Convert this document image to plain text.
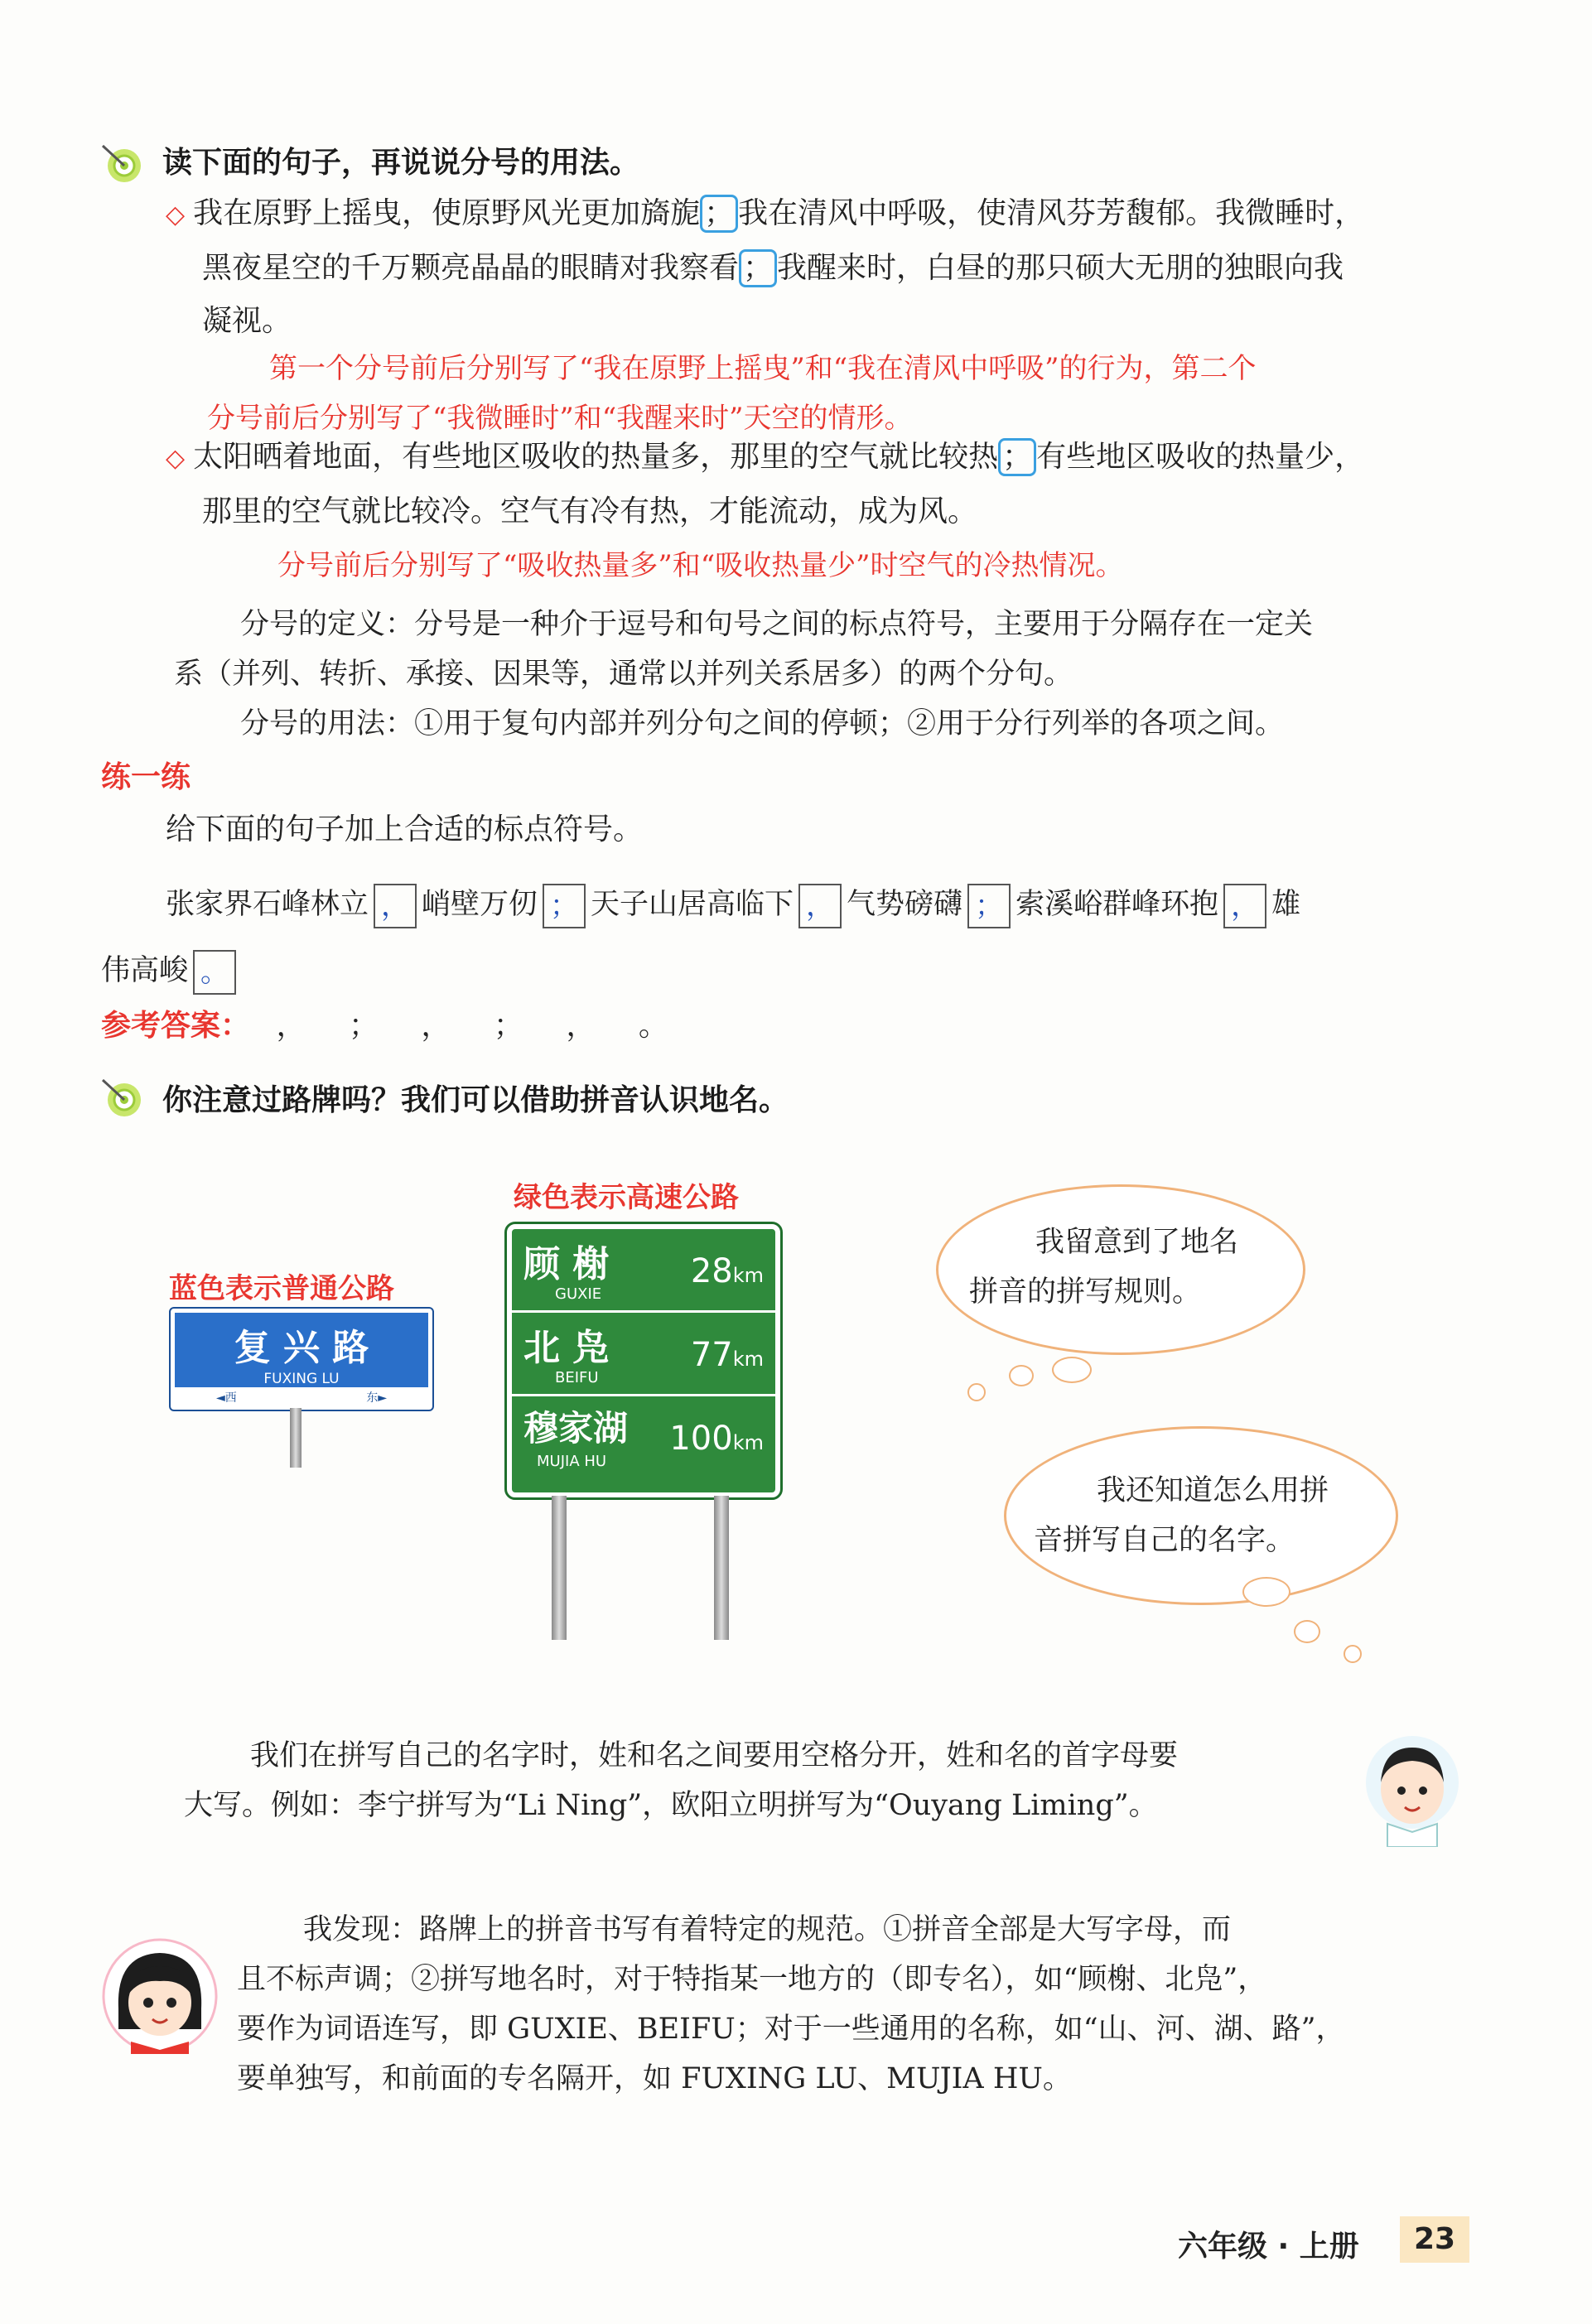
读下面的句子，再说说分号的用法。
◇ 我在原野上摇曳，使原野风光更加旖旎 ； 我在清风中呼吸，使清风芬芳馥郁。我微睡时，
黑夜星空的千万颗亮晶晶的眼睛对我察看 ； 我醒来时，白昼的那只硕大无朋的独眼向我
凝视。
第一个分号前后分别写了“我在原野上摇曳”和“我在清风中呼吸”的行为，第二个
分号前后分别写了“我微睡时”和“我醒来时”天空的情形。
◇ 太阳晒着地面，有些地区吸收的热量多，那里的空气就比较热 ； 有些地区吸收的热量少，
那里的空气就比较冷。空气有冷有热，才能流动，成为风。
分号前后分别写了“吸收热量多”和“吸收热量少”时空气的冷热情况。
分号的定义：分号是一种介于逗号和句号之间的标点符号，主要用于分隔存在一定关
系（并列、转折、承接、因果等，通常以并列关系居多）的两个分句。
分号的用法：①用于复句内部并列分句之间的停顿；②用于分行列举的各项之间。
练一练
给下面的句子加上合适的标点符号。
张家界石峰林立 ， 峭壁万仞 ； 天子山居高临下 ， 气势磅礴 ； 索溪峪群峰环抱 ， 雄
伟高峻 。
参考答案： ， ； ， ； ， 。
你注意过路牌吗？我们可以借助拼音认识地名。
蓝色表示普通公路
绿色表示高速公路
复 兴 路
FUXING LU
◄西	东►
顾 榭
GUXIE
28km
北 凫
BEIFU
77km
穆家湖
MUJIA HU
100km
我留意到了地名
拼音的拼写规则。
我还知道怎么用拼
音拼写自己的名字。
我们在拼写自己的名字时，姓和名之间要用空格分开，姓和名的首字母要
大写。例如：李宁拼写为“Li Ning”，欧阳立明拼写为“Ouyang Liming”。
我发现：路牌上的拼音书写有着特定的规范。①拼音全部是大写字母，而
且不标声调；②拼写地名时，对于特指某一地方的（即专名），如“顾榭、北凫”，
要作为词语连写，即 GUXIE、BEIFU；对于一些通用的名称，如“山、河、湖、路”，
要单独写，和前面的专名隔开，如 FUXING LU、MUJIA HU。
六年级 · 上册	23
